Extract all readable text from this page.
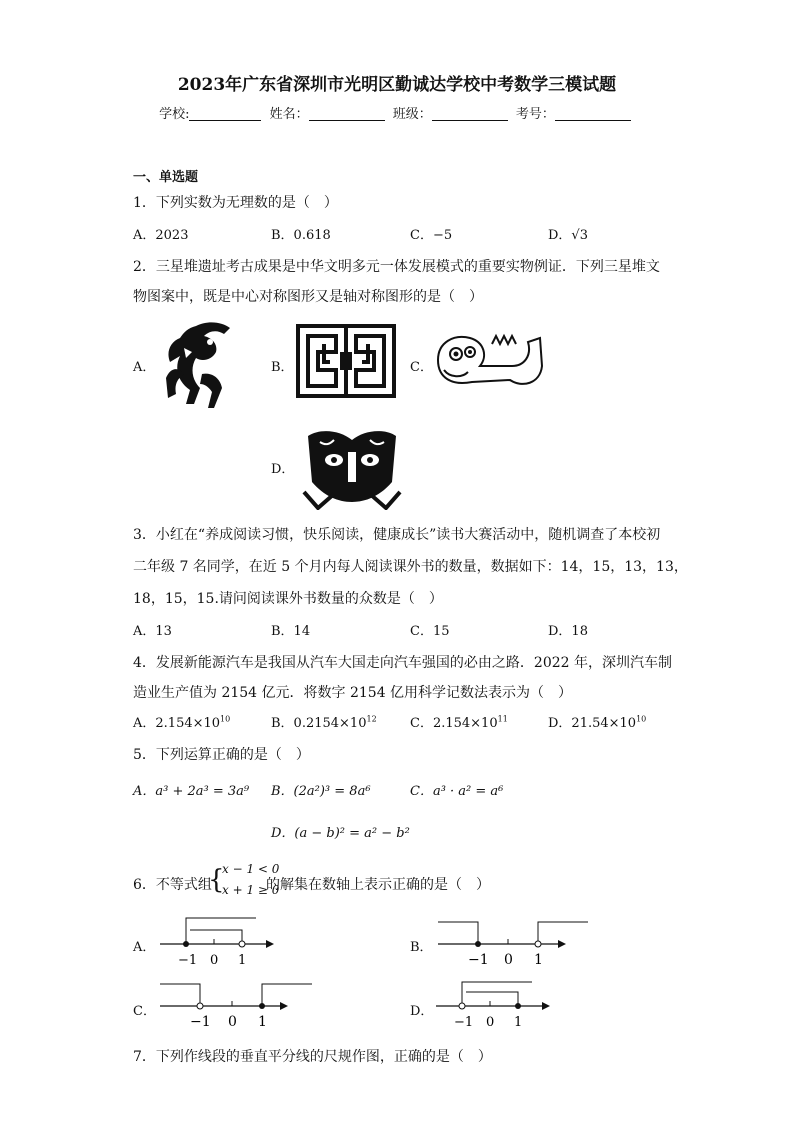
2023年广东省深圳市光明区勤诚达学校中考数学三模试题
学校:	姓名：	班级：	考号：
一、单选题
1．下列实数为无理数的是（　）
A．2023	B．0.618	C．−5	D．√3
2．三星堆遗址考古成果是中华文明多元一体发展模式的重要实物例证．下列三星堆文
物图案中，既是中心对称图形又是轴对称图形的是（　）
A．	B．	C．
D．
3．小红在“养成阅读习惯，快乐阅读，健康成长”读书大赛活动中，随机调查了本校初
二年级 7 名同学，在近 5 个月内每人阅读课外书的数量，数据如下：14，15，13，13，
18，15，15.请问阅读课外书数量的众数是（　）
A．13	B．14	C．15	D．18
4．发展新能源汽车是我国从汽车大国走向汽车强国的必由之路．2022 年，深圳汽车制
造业生产值为 2154 亿元．将数字 2154 亿用科学记数法表示为（　）
A．$2.154\times 10^{10}$	B．$0.2154\times 10^{12}$	C．$2.154\times 10^{11}$	D．$21.54\times 10^{10}$
5．下列运算正确的是（　）
A．a³ + 2a³ = 3a⁹ B．(2a²)³ = 8a⁶	C．a³ · a² = a⁶
D．(a − b)² = a² − b²
6．不等式组
{
x − 1 < 0
x + 1 ≥ 0
的解集在数轴上表示正确的是（　）
A．
−1 0 1
B．
−1 0 1
C．
−1 0 1
D．
−1 0 1
7．下列作线段的垂直平分线的尺规作图，正确的是（　）
